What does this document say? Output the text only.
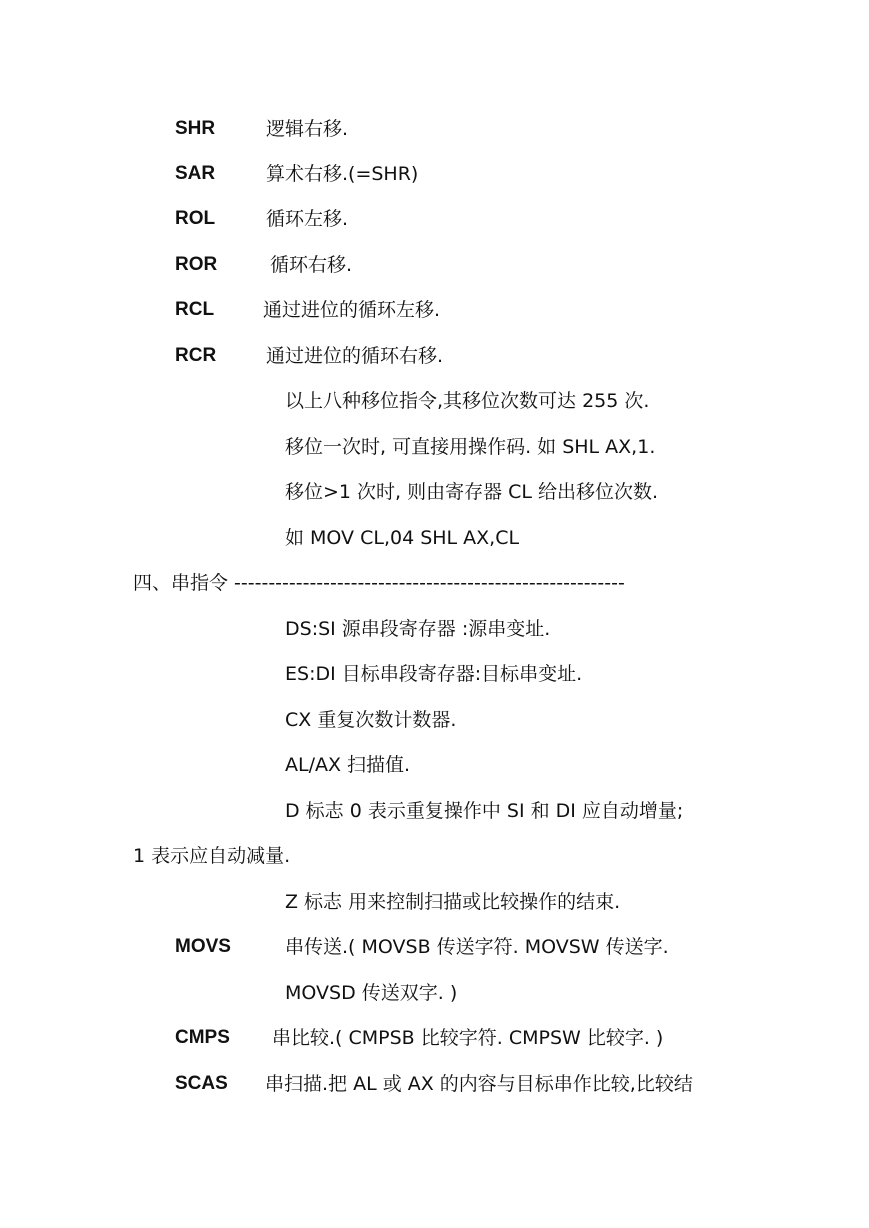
SHR	逻辑右移.
SAR	算术右移.(=SHR)
ROL	循环左移.
ROR	循环右移.
RCL	通过进位的循环左移.
RCR	通过进位的循环右移.
以上八种移位指令,其移位次数可达 255 次.
移位一次时, 可直接用操作码. 如 SHL AX,1.
移位>1 次时, 则由寄存器 CL 给出移位次数.
如 MOV CL,04 SHL AX,CL
四、串指令 ---------------------------------------------------------
DS:SI 源串段寄存器 :源串变址.
ES:DI 目标串段寄存器:目标串变址.
CX 重复次数计数器.
AL/AX 扫描值.
D 标志 0 表示重复操作中 SI 和 DI 应自动增量;
1 表示应自动减量.
Z 标志 用来控制扫描或比较操作的结束.
MOVS	串传送.( MOVSB 传送字符. MOVSW 传送字.
MOVSD 传送双字. )
CMPS 串比较.( CMPSB 比较字符. CMPSW 比较字. )
SCAS 串扫描.把 AL 或 AX 的内容与目标串作比较,比较结
